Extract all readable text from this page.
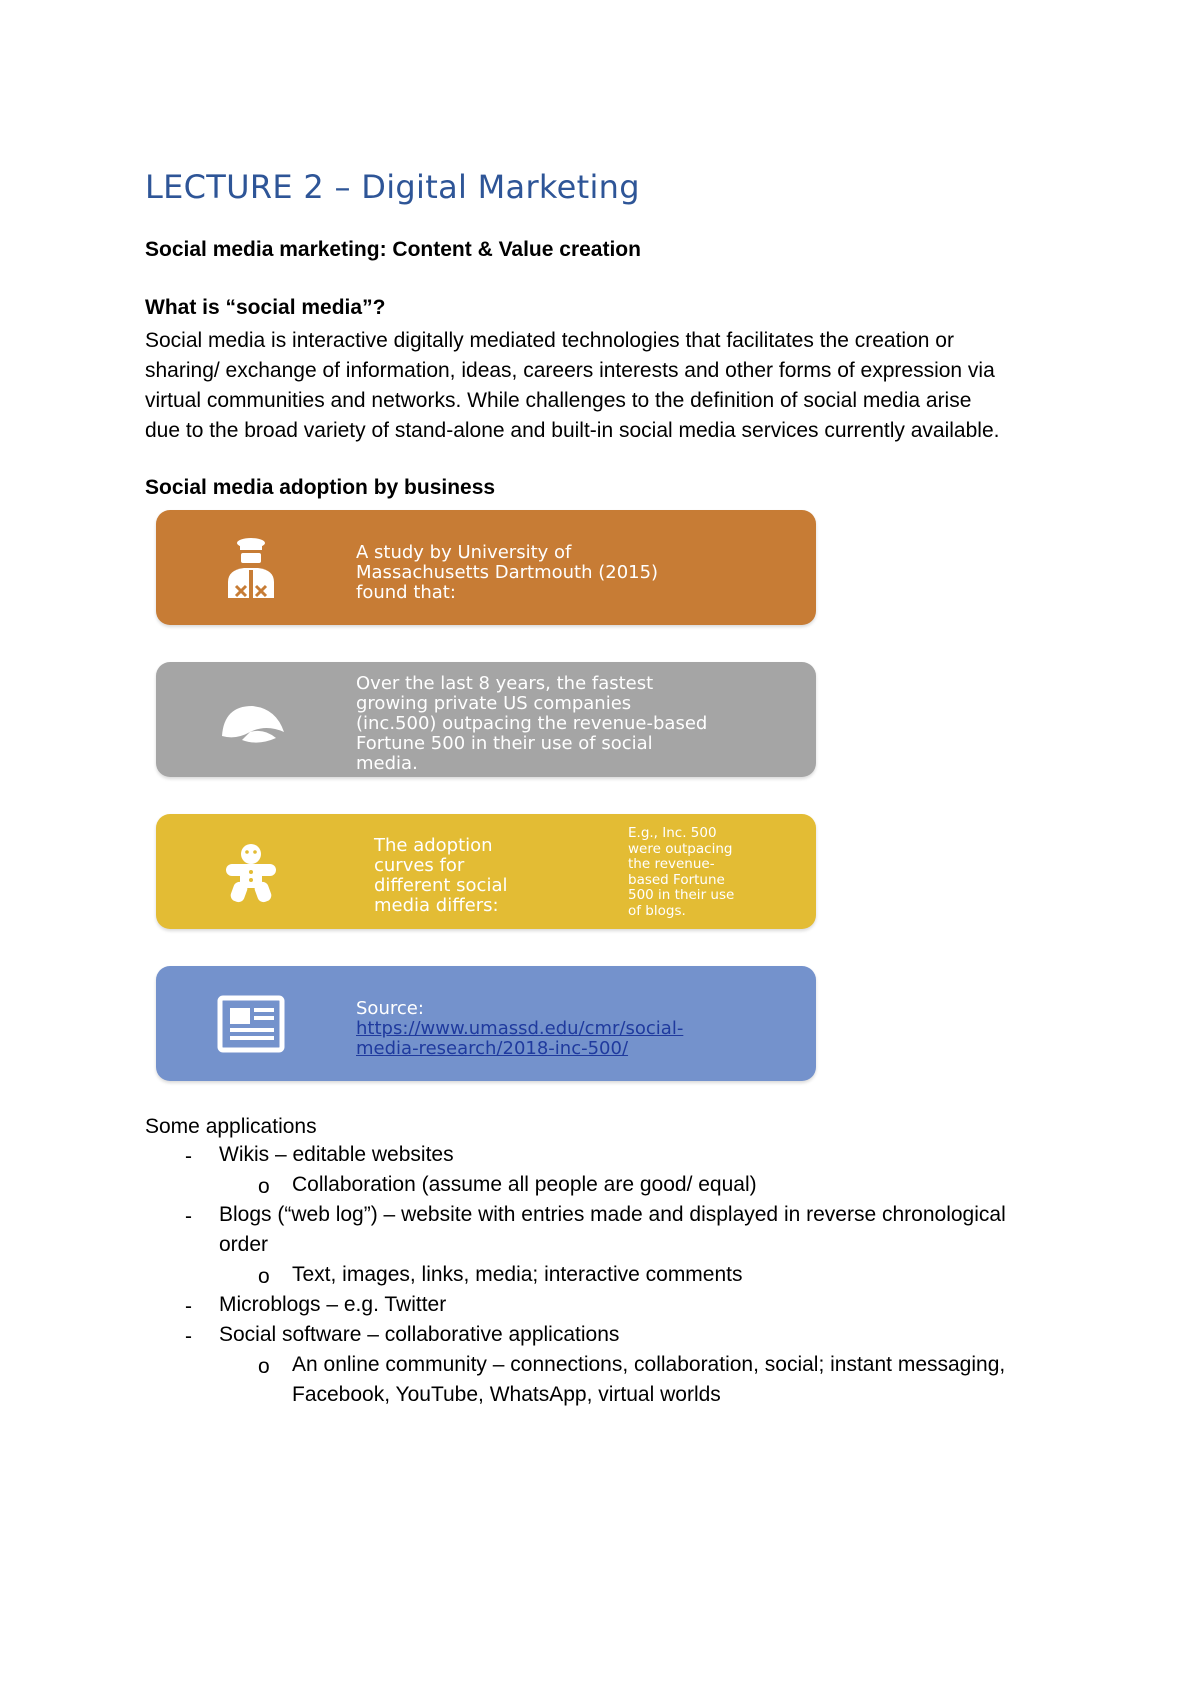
LECTURE 2 – Digital Marketing
Social media marketing: Content & Value creation
What is “social media”?
Social media is interactive digitally mediated technologies that facilitates the creation or
sharing/ exchange of information, ideas, careers interests and other forms of expression via
virtual communities and networks. While challenges to the definition of social media arise
due to the broad variety of stand-alone and built-in social media services currently available.
Social media adoption by business
A study by University of
Massachusetts Dartmouth (2015)
found that:
Over the last 8 years, the fastest
growing private US companies
(inc.500) outpacing the revenue-based
Fortune 500 in their use of social
media.
The adoption
curves for
different social
media differs:
E.g., Inc. 500
were outpacing
the revenue-
based Fortune
500 in their use
of blogs.
Source:
https://www.umassd.edu/cmr/social-
media-research/2018-inc-500/
Some applications
- Wikis – editable websites
o Collaboration (assume all people are good/ equal)
- Blogs (“web log”) – website with entries made and displayed in reverse chronological
order
o Text, images, links, media; interactive comments
- Microblogs – e.g. Twitter
- Social software – collaborative applications
o An online community – connections, collaboration, social; instant messaging,
Facebook, YouTube, WhatsApp, virtual worlds
